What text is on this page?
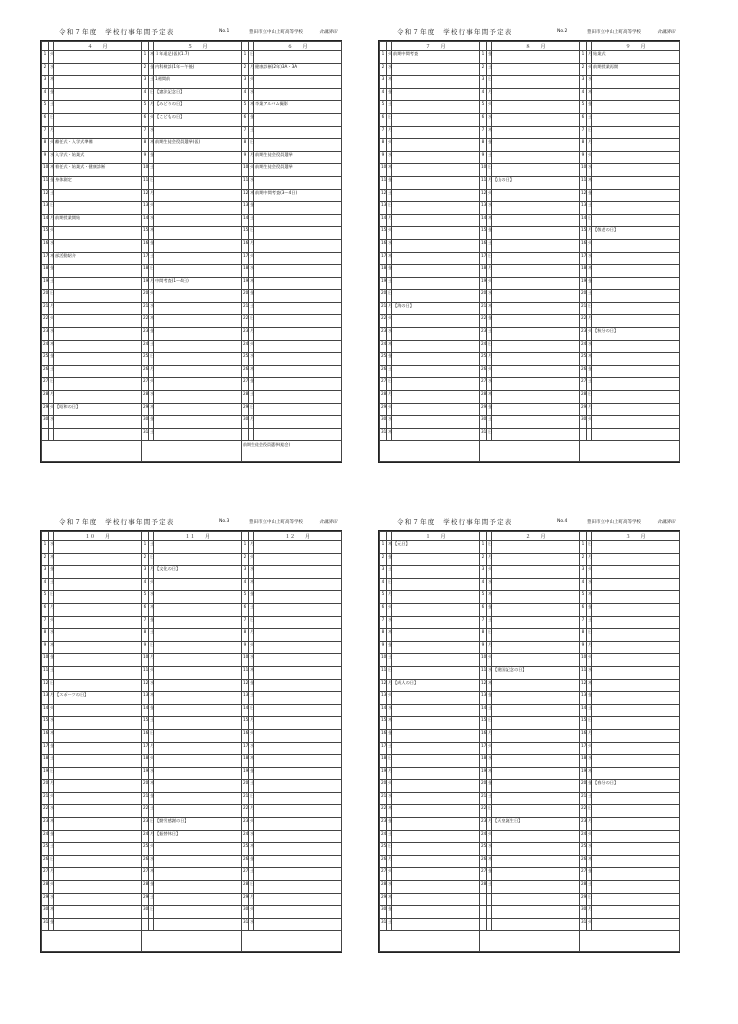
令和７年度　学校行事年間予定表	No.1	豊田市立中山上町高等学校	合議済印
		４　　月			５　　月			６　　月
1	火		1	木	１年遠足(仮)(1.7)	1	日	
2	水		2	金	内科検診(1年〜午後)	2	月	健康診断(2年)3A・3A
3	木		3	土	1週間前	3	火	
4	金		4	日	【憲法記念日】	4	水	
5	土		5	月	【みどりの日】	5	木	卒業アルバム撮影
6	日		6	火	【こどもの日】	6	金	
7	月		7	水		7	土	
8	火	離任式・入学式準備	8	木	前期生徒会役員選挙(仮)	8	日	
9	水	入学式・始業式	9	金		9	月	前期生徒会役員選挙
10	木	着任式・始業式・健康診断	10	土		10	火	前期生徒会役員選挙
11	金	身体測定	11	日		11	水	
12	土		12	月		12	木	前期中間考査(3〜4日)
13	日		13	火		13	金	
14	月	前期授業開始	14	水		14	土	
15	火		15	木		15	日	
16	水		16	金		16	月	
17	木	部活動紹介	17	土		17	火	
18	金		18	日		18	水	
19	土		19	月	中間考査(1〜4日)	19	木	
20	日		20	火		20	金	
21	月		21	水		21	土	
22	火		22	木		22	日	
23	水		23	金		23	月	
24	木		24	土		24	火	
25	金		25	日		25	水	
26	土		26	月		26	木	
27	日		27	火		27	金	
28	月		28	水		28	土	
29	火	【昭和の日】	29	木		29	日	
30	水		30	金		30	月	
			31	土				
						前期生徒会役員選挙(総会)		
令和７年度　学校行事年間予定表	No.2	豊田市立中山上町高等学校	合議済印
		７　　月			８　　月			９　　月
1	火	前期中間考査	1	金		1	月	始業式
2	水		2	土		2	火	前期授業再開
3	木		3	日		3	水	
4	金		4	月		4	木	
5	土		5	火		5	金	
6	日		6	水		6	土	
7	月		7	木		7	日	
8	火		8	金		8	月	
9	水		9	土		9	火	
10	木		10	日		10	水	
11	金		11	月	【山の日】	11	木	
12	土		12	火		12	金	
13	日		13	水		13	土	
14	月		14	木		14	日	
15	火		15	金		15	月	【敬老の日】
16	水		16	土		16	火	
17	木		17	日		17	水	
18	金		18	月		18	木	
19	土		19	火		19	金	
20	日		20	水		20	土	
21	月	【海の日】	21	木		21	日	
22	火		22	金		22	月	
23	水		23	土		23	火	【秋分の日】
24	木		24	日		24	水	
25	金		25	月		25	木	
26	土		26	火		26	金	
27	日		27	水		27	土	
28	月		28	木		28	日	
29	火		29	金		29	月	
30	水		30	土		30	火	
31	木		31	日				

令和７年度　学校行事年間予定表	No.3	豊田市立中山上町高等学校	合議済印
		１０　　月			１１　　月			１２　　月
1	水		1	土		1	月	
2	木		2	日		2	火	
3	金		3	月	【文化の日】	3	水	
4	土		4	火		4	木	
5	日		5	水		5	金	
6	月		6	木		6	土	
7	火		7	金		7	日	
8	水		8	土		8	月	
9	木		9	日		9	火	
10	金		10	月		10	水	
11	土		11	火		11	木	
12	日		12	水		12	金	
13	月	【スポーツの日】	13	木		13	土	
14	火		14	金		14	日	
15	水		15	土		15	月	
16	木		16	日		16	火	
17	金		17	月		17	水	
18	土		18	火		18	木	
19	日		19	水		19	金	
20	月		20	木		20	土	
21	火		21	金		21	日	
22	水		22	土		22	月	
23	木		23	日	【勤労感謝の日】	23	火	
24	金		24	月	【振替休日】	24	水	
25	土		25	火		25	木	
26	日		26	水		26	金	
27	月		27	木		27	土	
28	火		28	金		28	日	
29	水		29	土		29	月	
30	木		30	日		30	火	
31	金					31	水	

令和７年度　学校行事年間予定表	No.4	豊田市立中山上町高等学校	合議済印
		１　　月			２　　月			３　　月
1	木	【元日】	1	日		1	日	
2	金		2	月		2	月	
3	土		3	火		3	火	
4	日		4	水		4	水	
5	月		5	木		5	木	
6	火		6	金		6	金	
7	水		7	土		7	土	
8	木		8	日		8	日	
9	金		9	月		9	月	
10	土		10	火		10	火	
11	日		11	水	【建国記念の日】	11	水	
12	月	【成人の日】	12	木		12	木	
13	火		13	金		13	金	
14	水		14	土		14	土	
15	木		15	日		15	日	
16	金		16	月		16	月	
17	土		17	火		17	火	
18	日		18	水		18	水	
19	月		19	木		19	木	
20	火		20	金		20	金	【春分の日】
21	水		21	土		21	土	
22	木		22	日		22	日	
23	金		23	月	【天皇誕生日】	23	月	
24	土		24	火		24	火	
25	日		25	水		25	水	
26	月		26	木		26	木	
27	火		27	金		27	金	
28	水		28	土		28	土	
29	木					29	日	
30	金					30	月	
31	土					31	火	
